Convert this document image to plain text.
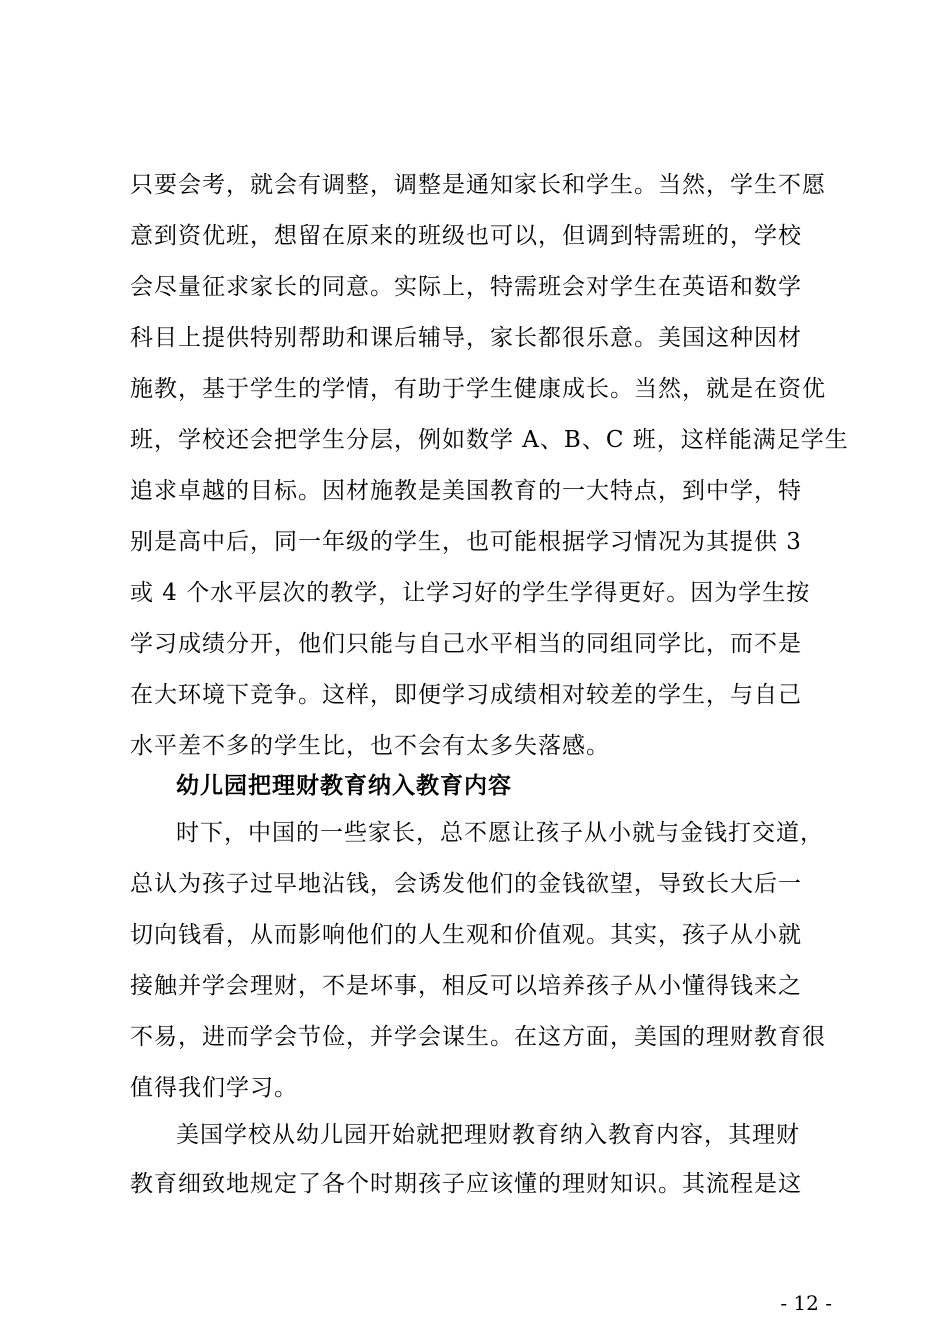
只要会考，就会有调整，调整是通知家长和学生。当然，学生不愿
意到资优班，想留在原来的班级也可以，但调到特需班的，学校
会尽量征求家长的同意。实际上，特需班会对学生在英语和数学
科目上提供特别帮助和课后辅导，家长都很乐意。美国这种因材
施教，基于学生的学情，有助于学生健康成长。当然，就是在资优
班，学校还会把学生分层，例如数学 A、B、C 班，这样能满足学生
追求卓越的目标。因材施教是美国教育的一大特点，到中学，特
别是高中后，同一年级的学生，也可能根据学习情况为其提供 3
或 4 个水平层次的教学，让学习好的学生学得更好。因为学生按
学习成绩分开，他们只能与自己水平相当的同组同学比，而不是
在大环境下竞争。这样，即便学习成绩相对较差的学生，与自己
水平差不多的学生比，也不会有太多失落感。
幼儿园把理财教育纳入教育内容
时下，中国的一些家长，总不愿让孩子从小就与金钱打交道，
总认为孩子过早地沾钱，会诱发他们的金钱欲望，导致长大后一
切向钱看，从而影响他们的人生观和价值观。其实，孩子从小就
接触并学会理财，不是坏事，相反可以培养孩子从小懂得钱来之
不易，进而学会节俭，并学会谋生。在这方面，美国的理财教育很
值得我们学习。
美国学校从幼儿园开始就把理财教育纳入教育内容，其理财
教育细致地规定了各个时期孩子应该懂的理财知识。其流程是这
- 12 -
